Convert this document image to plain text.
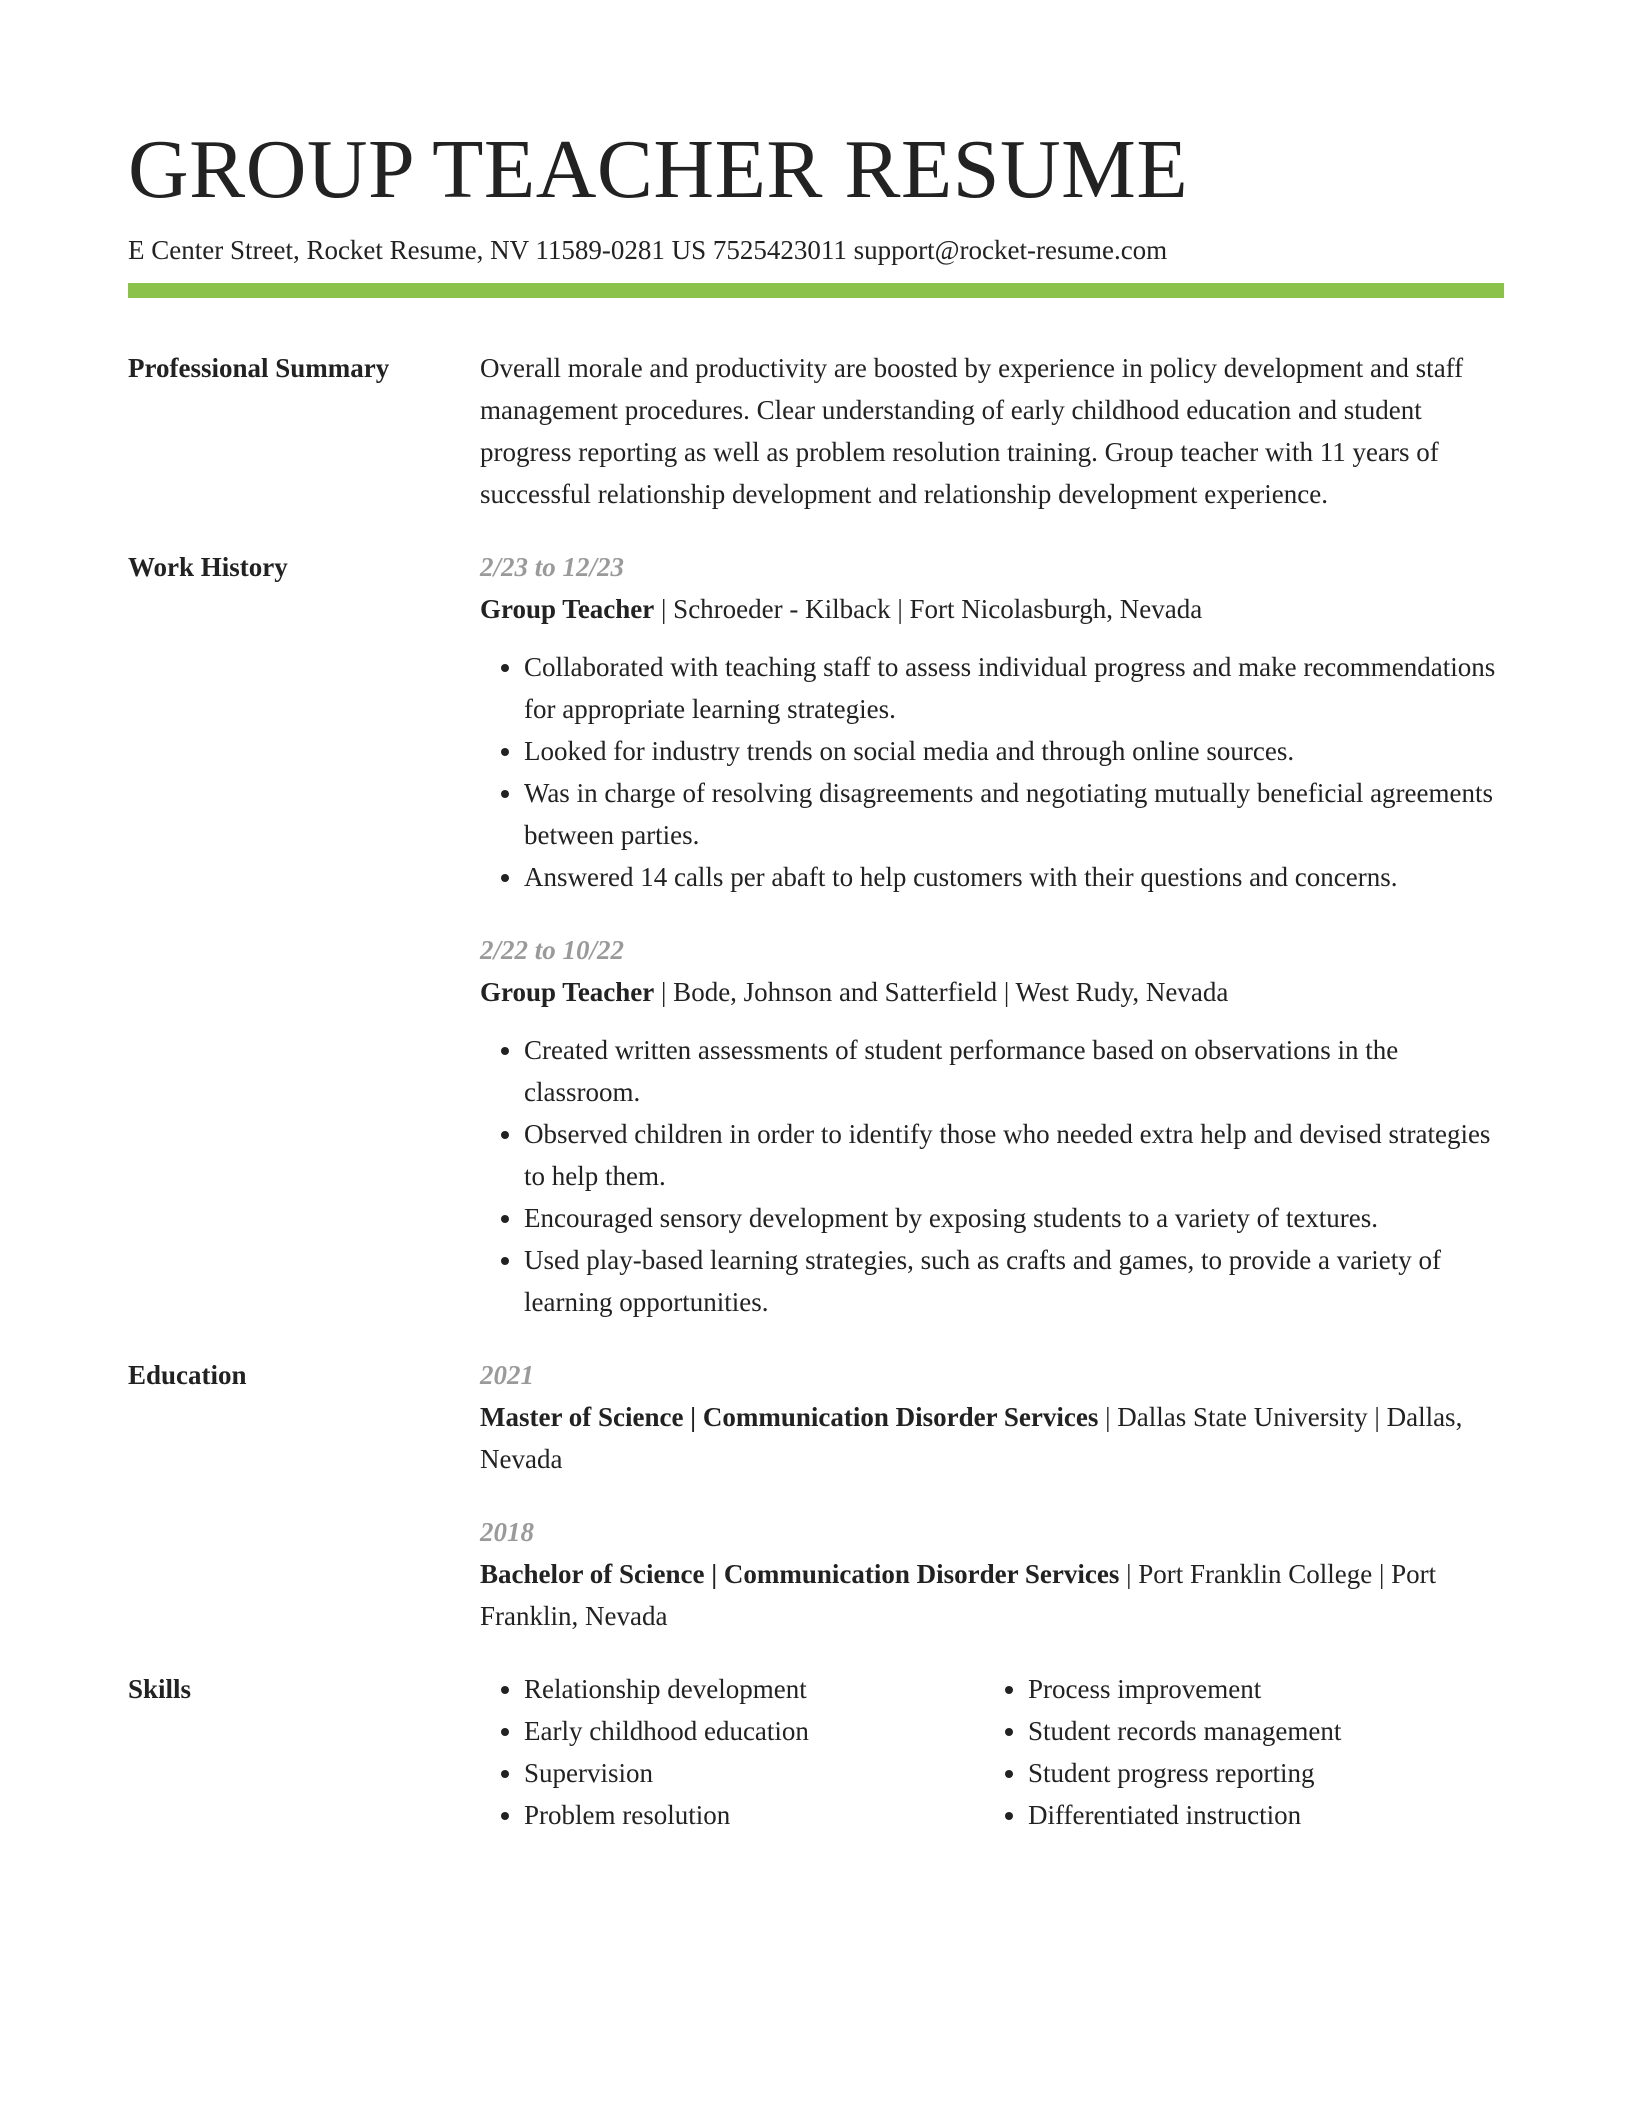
GROUP TEACHER RESUME
E Center Street, Rocket Resume, NV 11589-0281 US 7525423011 support@rocket-resume.com
Professional Summary	Overall morale and productivity are boosted by experience in policy development and staff management procedures. Clear understanding of early childhood education and student progress reporting as well as problem resolution training. Group teacher with 11 years of successful relationship development and relationship development experience.
Work History	2/23 to 12/23
Group Teacher | Schroeder - Kilback | Fort Nicolasburgh, Nevada
• Collaborated with teaching staff to assess individual progress and make recommendations for appropriate learning strategies.
• Looked for industry trends on social media and through online sources.
• Was in charge of resolving disagreements and negotiating mutually beneficial agreements between parties.
• Answered 14 calls per abaft to help customers with their questions and concerns.
2/22 to 10/22
Group Teacher | Bode, Johnson and Satterfield | West Rudy, Nevada
• Created written assessments of student performance based on observations in the classroom.
• Observed children in order to identify those who needed extra help and devised strategies to help them.
• Encouraged sensory development by exposing students to a variety of textures.
• Used play-based learning strategies, such as crafts and games, to provide a variety of learning opportunities.
Education	2021
Master of Science | Communication Disorder Services | Dallas State University | Dallas, Nevada
2018
Bachelor of Science | Communication Disorder Services | Port Franklin College | Port Franklin, Nevada
Skills
•	Relationship development
• Early childhood education
• Supervision
• Problem resolution
• Process improvement
• Student records management
• Student progress reporting
• Differentiated instruction
